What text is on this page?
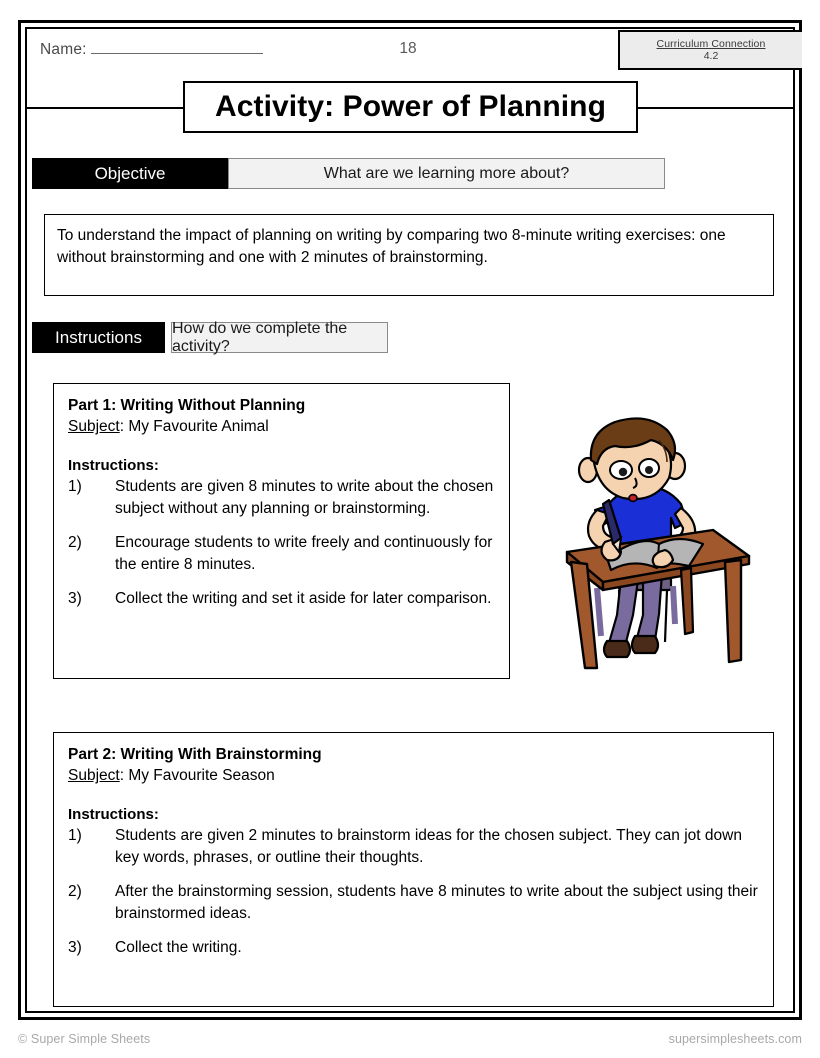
Name:	18	Curriculum Connection
4.2
Activity: Power of Planning
Objective	What are we learning more about?
To understand the impact of planning on writing by comparing two 8-minute writing exercises: one without brainstorming and one with 2 minutes of brainstorming.
Instructions	How do we complete the activity?
Part 1: Writing Without Planning
Subject: My Favourite Animal
Instructions:
1)	Students are given 8 minutes to write about the chosen subject without any planning or brainstorming.
2)	Encourage students to write freely and continuously for the entire 8 minutes.
3)	Collect the writing and set it aside for later comparison.
Part 2: Writing With Brainstorming
Subject: My Favourite Season
Instructions:
1)	Students are given 2 minutes to brainstorm ideas for the chosen subject. They can jot down key words, phrases, or outline their thoughts.
2)	After the brainstorming session, students have 8 minutes to write about the subject using their brainstormed ideas.
3)	Collect the writing.
© Super Simple Sheets	supersimplesheets.com
